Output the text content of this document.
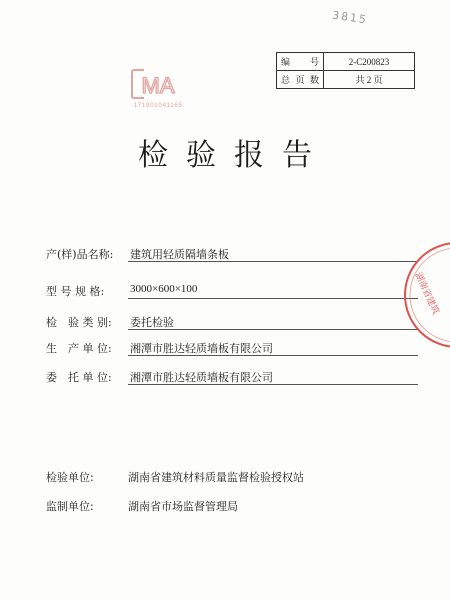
3815
编　号	2-C200823
总页数	共 2 页
MA
171901041165
检验报告
产(样)品名称: 建筑用轻质隔墙条板
型 号 规 格: 3000×600×100
检　验 类 别: 委托检验
生　产 单 位: 湘潭市胜达轻质墙板有限公司
委　托 单 位: 湘潭市胜达轻质墙板有限公司
检验单位:	湖南省建筑材料质量监督检验授权站
监制单位:	湖南省市场监督管理局
湖南省建筑
